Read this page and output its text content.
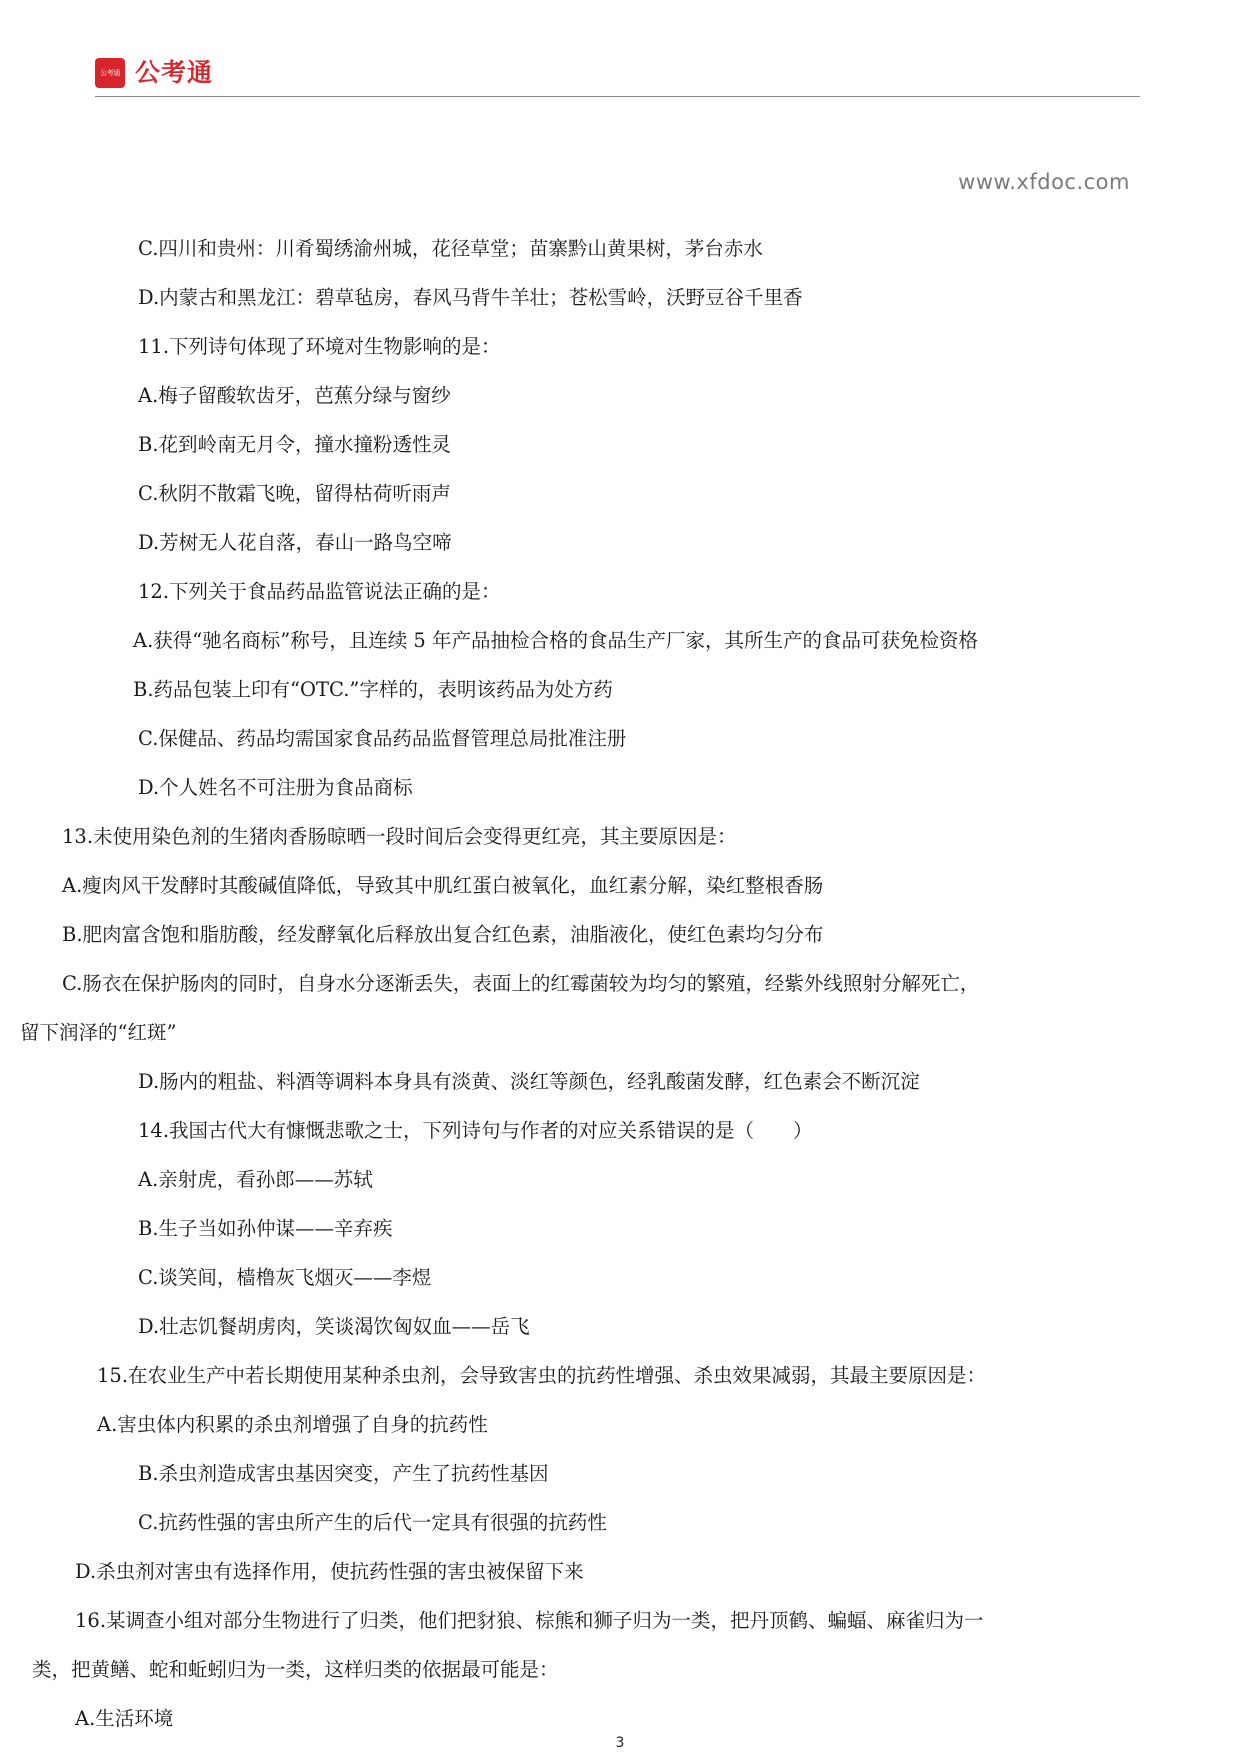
公考通 公考通
www.xfdoc.com
C.四川和贵州：川肴蜀绣渝州城，花径草堂；苗寨黔山黄果树，茅台赤水
D.内蒙古和黑龙江：碧草毡房，春风马背牛羊壮；苍松雪岭，沃野豆谷千里香
11.下列诗句体现了环境对生物影响的是：
A.梅子留酸软齿牙，芭蕉分绿与窗纱
B.花到岭南无月令，撞水撞粉透性灵
C.秋阴不散霜飞晚，留得枯荷听雨声
D.芳树无人花自落，春山一路鸟空啼
12.下列关于食品药品监管说法正确的是：
A.获得“驰名商标”称号，且连续 5 年产品抽检合格的食品生产厂家，其所生产的食品可获免检资格
B.药品包装上印有“OTC.”字样的，表明该药品为处方药
C.保健品、药品均需国家食品药品监督管理总局批准注册
D.个人姓名不可注册为食品商标
13.未使用染色剂的生猪肉香肠晾晒一段时间后会变得更红亮，其主要原因是：
A.瘦肉风干发酵时其酸碱值降低，导致其中肌红蛋白被氧化，血红素分解，染红整根香肠
B.肥肉富含饱和脂肪酸，经发酵氧化后释放出复合红色素，油脂液化，使红色素均匀分布
C.肠衣在保护肠肉的同时，自身水分逐渐丢失，表面上的红霉菌较为均匀的繁殖，经紫外线照射分解死亡，
留下润泽的“红斑”
D.肠内的粗盐、料酒等调料本身具有淡黄、淡红等颜色，经乳酸菌发酵，红色素会不断沉淀
14.我国古代大有慷慨悲歌之士，下列诗句与作者的对应关系错误的是（　　）
A.亲射虎，看孙郎——苏轼
B.生子当如孙仲谋——辛弃疾
C.谈笑间，樯橹灰飞烟灭——李煜
D.壮志饥餐胡虏肉，笑谈渴饮匈奴血——岳飞
15.在农业生产中若长期使用某种杀虫剂，会导致害虫的抗药性增强、杀虫效果减弱，其最主要原因是：
A.害虫体内积累的杀虫剂增强了自身的抗药性
B.杀虫剂造成害虫基因突变，产生了抗药性基因
C.抗药性强的害虫所产生的后代一定具有很强的抗药性
D.杀虫剂对害虫有选择作用，使抗药性强的害虫被保留下来
16.某调查小组对部分生物进行了归类，他们把豺狼、棕熊和狮子归为一类，把丹顶鹤、蝙蝠、麻雀归为一
类，把黄鳝、蛇和蚯蚓归为一类，这样归类的依据最可能是：
A.生活环境
3
